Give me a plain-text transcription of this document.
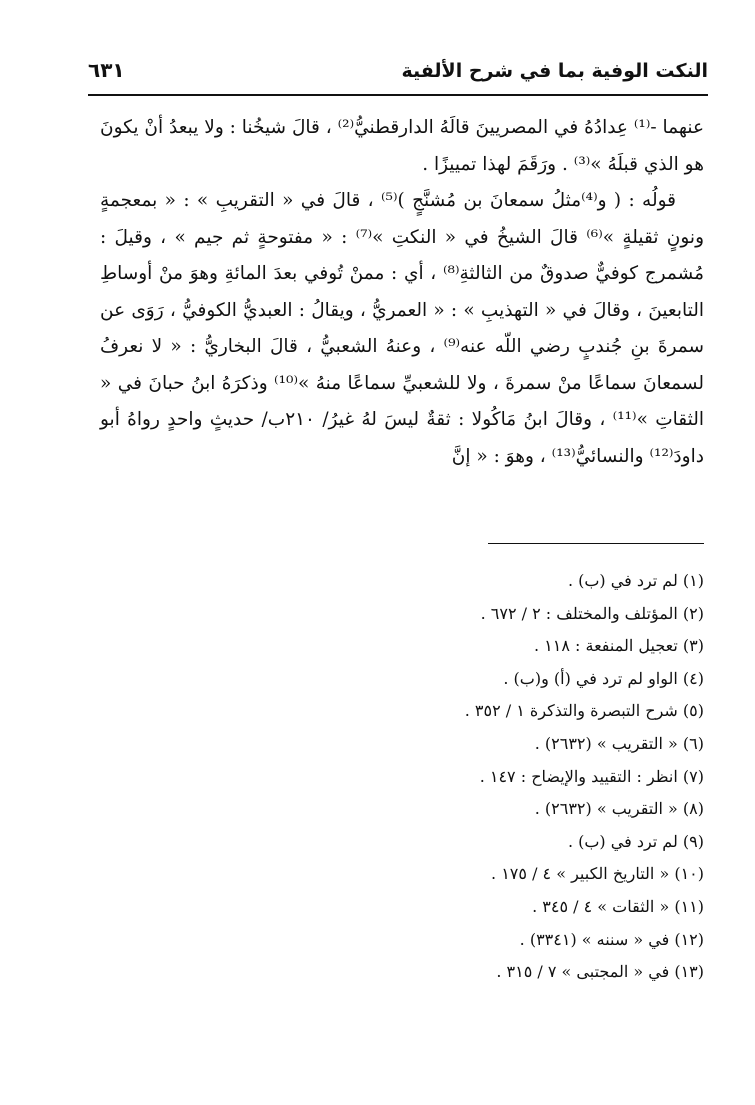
النكت الوفية بما في شرح الألفية
٦٣١

عنهما -⁽¹⁾ عِدادُهُ في المصريينَ قالَهُ الدارقطنيُّ⁽²⁾ ، قالَ شيخُنا : ولا يبعدُ أنْ يكونَ هو الذي قبلَهُ »⁽³⁾ . ورَقَمَ لهذا تمييزًا .

قولُه : ( و⁽⁴⁾مثلُ سمعانَ بن مُشنَّجٍ )⁽⁵⁾ ، قالَ في « التقريبِ » : « بمعجمةٍ ونونٍ ثقيلةٍ »⁽⁶⁾ قالَ الشيخُ في « النكتِ »⁽⁷⁾ : « مفتوحةٍ ثم جيم » ، وقيلَ : مُشمرج كوفيٌّ صدوقٌ من الثالثةِ⁽⁸⁾ ، أي : ممنْ تُوفي بعدَ المائةِ وهوَ منْ أوساطِ التابعينَ ، وقالَ في « التهذيبِ » : « العمريُّ ، ويقالُ : العبديُّ الكوفيُّ ، رَوَى عن سمرةَ بنِ جُندبٍ رضي اللّه عنه⁽⁹⁾ ، وعنهُ الشعبيُّ ، قالَ البخاريُّ : « لا نعرفُ لسمعانَ سماعًا منْ سمرةَ ، ولا للشعبيِّ سماعًا منهُ »⁽¹⁰⁾ وذكرَهُ ابنُ حبانَ في « الثقاتِ »⁽¹¹⁾ ، وقالَ ابنُ مَاكُولا : ثقةٌ ليسَ لهُ غيرُ/ ٢١٠ب/ حديثٍ واحدٍ رواهُ أبو داودَ⁽¹²⁾ والنسائيُّ⁽¹³⁾ ، وهوَ : « إنَّ

(١) لم ترد في (ب) .
(٢) المؤتلف والمختلف : ٢ / ٦٧٢ .
(٣) تعجيل المنفعة : ١١٨ .
(٤) الواو لم ترد في (أ) و(ب) .
(٥) شرح التبصرة والتذكرة ١ / ٣٥٢ .
(٦) « التقريب » (٢٦٣٢) .
(٧) انظر : التقييد والإيضاح : ١٤٧ .
(٨) « التقريب » (٢٦٣٢) .
(٩) لم ترد في (ب) .
(١٠) « التاريخ الكبير » ٤ / ١٧٥ .
(١١) « الثقات » ٤ / ٣٤٥ .
(١٢) في « سننه » (٣٣٤١) .
(١٣) في « المجتبى » ٧ / ٣١٥ .
